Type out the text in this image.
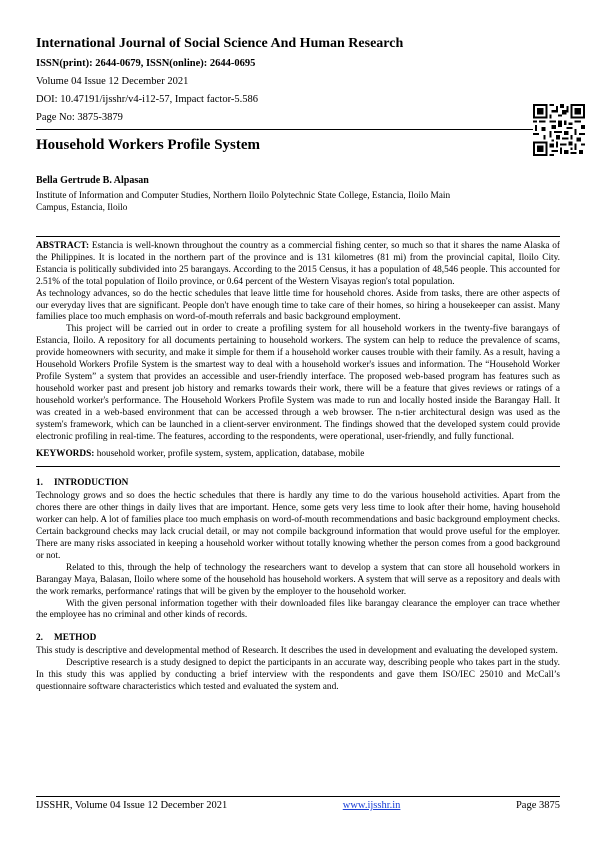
International Journal of Social Science And Human Research
ISSN(print): 2644-0679, ISSN(online): 2644-0695
Volume 04 Issue 12 December 2021
DOI: 10.47191/ijsshr/v4-i12-57, Impact factor-5.586
Page No: 3875-3879
Household Workers Profile System
Bella Gertrude B. Alpasan
Institute of Information and Computer Studies, Northern Iloilo Polytechnic State College, Estancia, Iloilo Main Campus, Estancia, Iloilo

ABSTRACT: Estancia is well-known throughout the country as a commercial fishing center, so much so that it shares the name Alaska of the Philippines. It is located in the northern part of the province and is 131 kilometres (81 mi) from the provincial capital, Iloilo City. Estancia is politically subdivided into 25 barangays. According to the 2015 Census, it has a population of 48,546 people. This accounted for 2.51% of the total population of Iloilo province, or 0.64 percent of the Western Visayas region's total population.

As technology advances, so do the hectic schedules that leave little time for household chores. Aside from tasks, there are other aspects of our everyday lives that are significant. People don't have enough time to take care of their homes, so hiring a housekeeper can assist. Many families place too much emphasis on word-of-mouth referrals and basic background employment.

This project will be carried out in order to create a profiling system for all household workers in the twenty-five barangays of Estancia, Iloilo. A repository for all documents pertaining to household workers. The system can help to reduce the prevalence of scams, provide homeowners with security, and make it simple for them if a household worker causes trouble with their family. As a result, having a Household Workers Profile System is the smartest way to deal with a household worker's issues and information. The “Household Worker Profile System” a system that provides an accessible and user-friendly interface. The proposed web-based program has features such as household worker past and present job history and remarks towards their work, there will be a feature that gives reviews or ratings of a household worker's performance. The Household Workers Profile System was made to run and locally hosted inside the Barangay Hall. It was created in a web-based environment that can be accessed through a web browser. The n-tier architectural design was used as the system's framework, which can be launched in a client-server environment. The findings showed that the developed system could provide electronic profiling in real-time. The features, according to the respondents, were operational, user-friendly, and fully functional.

KEYWORDS: household worker, profile system, system, application, database, mobile

1. INTRODUCTION

Technology grows and so does the hectic schedules that there is hardly any time to do the various household activities. Apart from the chores there are other things in daily lives that are important. Hence, some gets very less time to look after their home, having household worker can help. A lot of families place too much emphasis on word-of-mouth recommendations and basic background employment checks. Certain background checks may lack crucial detail, or may not compile background information that would prove useful for the employer. There are many risks associated in keeping a household worker without totally knowing whether the person comes from a good background or not.

Related to this, through the help of technology the researchers want to develop a system that can store all household workers in Barangay Maya, Balasan, Iloilo where some of the household has household workers. A system that will serve as a repository and deals with the work remarks, performance' ratings that will be given by the employer to the household worker.

With the given personal information together with their downloaded files like barangay clearance the employer can trace whether the employee has no criminal and other kinds of records.

2. METHOD

This study is descriptive and developmental method of Research. It describes the used in development and evaluating the developed system.

Descriptive research is a study designed to depict the participants in an accurate way, describing people who takes part in the study. In this study this was applied by conducting a brief interview with the respondents and gave them ISO/IEC 25010 and McCall’s questionnaire software characteristics which tested and evaluated the system and.

IJSSHR, Volume 04 Issue 12 December 2021	www.ijsshr.in	Page 3875
